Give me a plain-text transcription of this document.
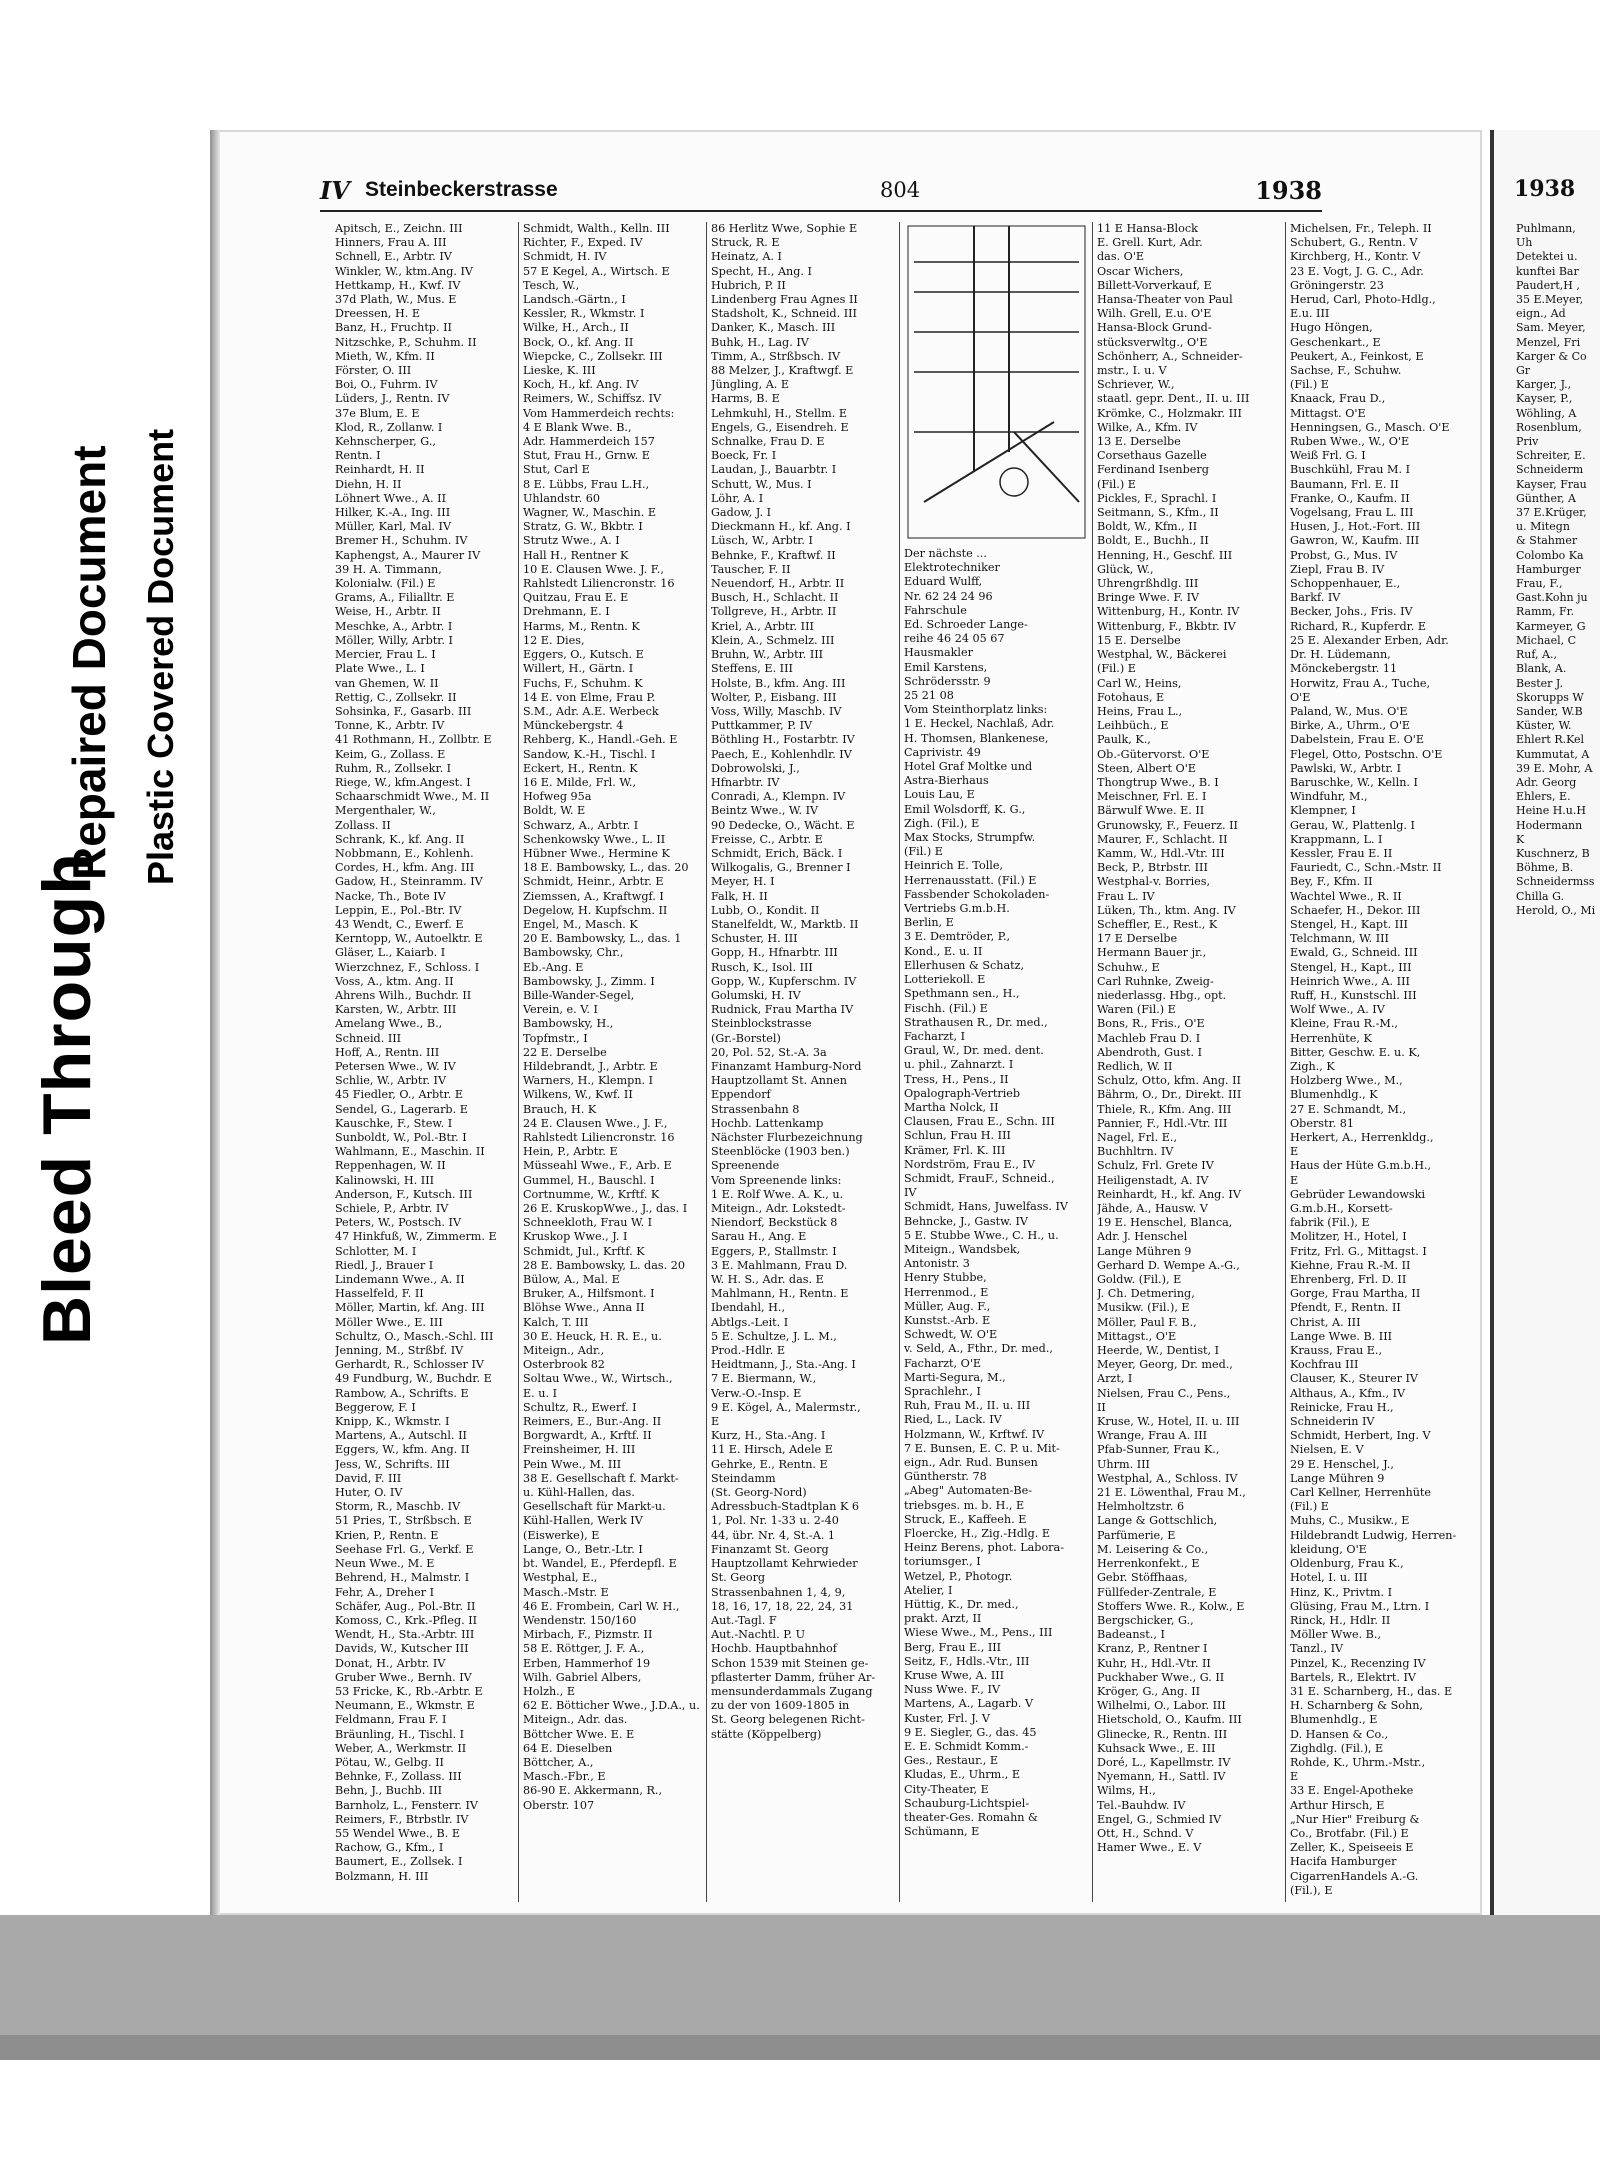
Bleed Through
Repaired Document Plastic Covered Document
IV Steinbeckerstrasse	804	1938
Apitsch, E., Zeichn. III
Hinners, Frau A. III
Schnell, E., Arbtr. IV
Winkler, W., ktm.Ang. IV
Hettkamp, H., Kwf. IV
37d Plath, W., Mus. E
Dreessen, H. E
Banz, H., Fruchtp. II
Nitzschke, P., Schuhm. II
Mieth, W., Kfm. II
Förster, O. III
Boi, O., Fuhrm. IV
Lüders, J., Rentn. IV
37e Blum, E. E
Klod, R., Zollanw. I
Kehnscherper, G.,
Rentn. I
Reinhardt, H. II
Diehn, H. II
Löhnert Wwe., A. II
Hilker, K.-A., Ing. III
Müller, Karl, Mal. IV
Bremer H., Schuhm. IV
Kaphengst, A., Maurer IV
39 H. A. Timmann,
Kolonialw. (Fil.) E
Grams, A., Filialltr. E
Weise, H., Arbtr. II
Meschke, A., Arbtr. I
Möller, Willy, Arbtr. I
Mercier, Frau L. I
Plate Wwe., L. I
van Ghemen, W. II
Rettig, C., Zollsekr. II
Sohsinka, F., Gasarb. III
Tonne, K., Arbtr. IV
41 Rothmann, H., Zollbtr. E
Keim, G., Zollass. E
Ruhm, R., Zollsekr. I
Riege, W., kfm.Angest. I
Schaarschmidt Wwe., M. II
Mergenthaler, W.,
Zollass. II
Schrank, K., kf. Ang. II
Nobbmann, E., Kohlenh.
Cordes, H., kfm. Ang. III
Gadow, H., Steinramm. IV
Nacke, Th., Bote IV
Leppin, E., Pol.-Btr. IV
43 Wendt, C., Ewerf. E
Kerntopp, W., Autoelktr. E
Gläser, L., Kaiarb. I
Wierzchnez, F., Schloss. I
Voss, A., ktm. Ang. II
Ahrens Wilh., Buchdr. II
Karsten, W., Arbtr. III
Amelang Wwe., B.,
Schneid. III
Hoff, A., Rentn. III
Petersen Wwe., W. IV
Schlie, W., Arbtr. IV
45 Fiedler, O., Arbtr. E
Sendel, G., Lagerarb. E
Kauschke, F., Stew. I
Sunboldt, W., Pol.-Btr. I
Wahlmann, E., Maschin. II
Reppenhagen, W. II
Kalinowski, H. III
Anderson, F., Kutsch. III
Schiele, P., Arbtr. IV
Peters, W., Postsch. IV
47 Hinkfuß, W., Zimmerm. E
Schlotter, M. I
Riedl, J., Brauer I
Lindemann Wwe., A. II
Hasselfeld, F. II
Möller, Martin, kf. Ang. III
Möller Wwe., E. III
Schultz, O., Masch.-Schl. III
Jenning, M., Strßbf. IV
Gerhardt, R., Schlosser IV
49 Fundburg, W., Buchdr. E
Rambow, A., Schrifts. E
Beggerow, F. I
Knipp, K., Wkmstr. I
Martens, A., Autschl. II
Eggers, W., kfm. Ang. II
Jess, W., Schrifts. III
David, F. III
Huter, O. IV
Storm, R., Maschb. IV
51 Pries, T., Strßbsch. E
Krien, P., Rentn. E
Seehase Frl. G., Verkf. E
Neun Wwe., M. E
Behrend, H., Malmstr. I
Fehr, A., Dreher I
Schäfer, Aug., Pol.-Btr. II
Komoss, C., Krk.-Pfleg. II
Wendt, H., Sta.-Arbtr. III
Davids, W., Kutscher III
Donat, H., Arbtr. IV
Gruber Wwe., Bernh. IV
53 Fricke, K., Rb.-Arbtr. E
Neumann, E., Wkmstr. E
Feldmann, Frau F. I
Bräunling, H., Tischl. I
Weber, A., Werkmstr. II
Pötau, W., Gelbg. II
Behnke, F., Zollass. III
Behn, J., Buchb. III
Barnholz, L., Fensterr. IV
Reimers, F., Btrbstlr. IV
55 Wendel Wwe., B. E
Rachow, G., Kfm., I
Baumert, E., Zollsek. I
Bolzmann, H. III
Schmidt, Walth., Kelln. III
Richter, F., Exped. IV
Schmidt, H. IV
57 E Kegel, A., Wirtsch. E
Tesch, W.,
Landsch.-Gärtn., I
Kessler, R., Wkmstr. I
Wilke, H., Arch., II
Bock, O., kf. Ang. II
Wiepcke, C., Zollsekr. III
Lieske, K. III
Koch, H., kf. Ang. IV
Reimers, W., Schiffsz. IV
Vom Hammerdeich rechts:
4 E Blank Wwe. B.,
Adr. Hammerdeich 157
Stut, Frau H., Grnw. E
Stut, Carl E
8 E. Lübbs, Frau L.H.,
Uhlandstr. 60
Wagner, W., Maschin. E
Stratz, G. W., Bkbtr. I
Strutz Wwe., A. I
Hall H., Rentner K
10 E. Clausen Wwe. J. F.,
Rahlstedt Liliencronstr. 16
Quitzau, Frau E. E
Drehmann, E. I
Harms, M., Rentn. K
12 E. Dies,
Eggers, O., Kutsch. E
Willert, H., Gärtn. I
Fuchs, F., Schuhm. K
14 E. von Elme, Frau P.
S.M., Adr. A.E. Werbeck
Münckebergstr. 4
Rehberg, K., Handl.-Geh. E
Sandow, K.-H., Tischl. I
Eckert, H., Rentn. K
16 E. Milde, Frl. W.,
Hofweg 95a
Boldt, W. E
Schwarz, A., Arbtr. I
Schenkowsky Wwe., L. II
Hübner Wwe., Hermine K
18 E. Bambowsky, L., das. 20
Schmidt, Heinr., Arbtr. E
Ziemssen, A., Kraftwgf. I
Degelow, H. Kupfschm. II
Engel, M., Masch. K
20 E. Bambowsky, L., das. 1
Bambowsky, Chr.,
Eb.-Ang. E
Bambowsky, J., Zimm. I
Bille-Wander-Segel,
Verein, e. V. I
Bambowsky, H.,
Topfmstr., I
22 E. Derselbe
Hildebrandt, J., Arbtr. E
Warners, H., Klempn. I
Wilkens, W., Kwf. II
Brauch, H. K
24 E. Clausen Wwe., J. F.,
Rahlstedt Liliencronstr. 16
Hein, P., Arbtr. E
Müsseahl Wwe., F., Arb. E
Gummel, H., Bauschl. I
Cortnumme, W., Krftf. K
26 E. KruskopWwe., J., das. I
Schneekloth, Frau W. I
Kruskop Wwe., J. I
Schmidt, Jul., Krftf. K
28 E. Bambowsky, L. das. 20
Bülow, A., Mal. E
Bruker, A., Hilfsmont. I
Blöhse Wwe., Anna II
Kalch, T. III
30 E. Heuck, H. R. E., u.
Miteign., Adr.,
Osterbrook 82
Soltau Wwe., W., Wirtsch.,
E. u. I
Schultz, R., Ewerf. I
Reimers, E., Bur.-Ang. II
Borgwardt, A., Krftf. II
Freinsheimer, H. III
Pein Wwe., M. III
38 E. Gesellschaft f. Markt-
u. Kühl-Hallen, das.
Gesellschaft für Markt-u.
Kühl-Hallen, Werk IV
(Eiswerke), E
Lange, O., Betr.-Ltr. I
bt. Wandel, E., Pferdepfl. E
Westphal, E.,
Masch.-Mstr. E
46 E. Frombein, Carl W. H.,
Wendenstr. 150/160
Mirbach, F., Pizmstr. II
58 E. Röttger, J. F. A.,
Erben, Hammerhof 19
Wilh. Gabriel Albers,
Holzh., E
62 E. Bötticher Wwe., J.D.A., u.
Miteign., Adr. das.
Böttcher Wwe. E. E
64 E. Dieselben
Böttcher, A.,
Masch.-Fbr., E
86-90 E. Akkermann, R.,
Oberstr. 107
86 Herlitz Wwe, Sophie E
Struck, R. E
Heinatz, A. I
Specht, H., Ang. I
Hubrich, P. II
Lindenberg Frau Agnes II
Stadsholt, K., Schneid. III
Danker, K., Masch. III
Buhk, H., Lag. IV
Timm, A., Strßbsch. IV
88 Melzer, J., Kraftwgf. E
Jüngling, A. E
Harms, B. E
Lehmkuhl, H., Stellm. E
Engels, G., Eisendreh. E
Schnalke, Frau D. E
Boeck, Fr. I
Laudan, J., Bauarbtr. I
Schutt, W., Mus. I
Löhr, A. I
Gadow, J. I
Dieckmann H., kf. Ang. I
Lüsch, W., Arbtr. I
Behnke, F., Kraftwf. II
Tauscher, F. II
Neuendorf, H., Arbtr. II
Busch, H., Schlacht. II
Tollgreve, H., Arbtr. II
Kriel, A., Arbtr. III
Klein, A., Schmelz. III
Bruhn, W., Arbtr. III
Steffens, E. III
Holste, B., kfm. Ang. III
Wolter, P., Eisbang. III
Voss, Willy, Maschb. IV
Puttkammer, P. IV
Böthling H., Fostarbtr. IV
Paech, E., Kohlenhdlr. IV
Dobrowolski, J.,
Hfnarbtr. IV
Conradi, A., Klempn. IV
Beintz Wwe., W. IV
90 Dedecke, O., Wächt. E
Freisse, C., Arbtr. E
Schmidt, Erich, Bäck. I
Wilkogalis, G., Brenner I
Meyer, H. I
Falk, H. II
Lubb, O., Kondit. II
Stanelfeldt, W., Marktb. II
Schuster, H. III
Gopp, H., Hfnarbtr. III
Rusch, K., Isol. III
Gopp, W., Kupferschm. IV
Golumski, H. IV
Rudnick, Frau Martha IV
Steinblockstrasse
(Gr.-Borstel)
20, Pol. 52, St.-A. 3a
Finanzamt Hamburg-Nord
Hauptzollamt St. Annen
Eppendorf
Strassenbahn 8
Hochb. Lattenkamp
Nächster Flurbezeichnung
Steenblöcke (1903 ben.)
Spreenende
Vom Spreenende links:
1 E. Rolf Wwe. A. K., u.
Miteign., Adr. Lokstedt-
Niendorf, Beckstück 8
Sarau H., Ang. E
Eggers, P., Stallmstr. I
3 E. Mahlmann, Frau D.
W. H. S., Adr. das. E
Mahlmann, H., Rentn. E
Ibendahl, H.,
Abtlgs.-Leit. I
5 E. Schultze, J. L. M.,
Prod.-Hdlr. E
Heidtmann, J., Sta.-Ang. I
7 E. Biermann, W.,
Verw.-O.-Insp. E
9 E. Kögel, A., Malermstr.,
E
Kurz, H., Sta.-Ang. I
11 E. Hirsch, Adele E
Gehrke, E., Rentn. E
Steindamm
(St. Georg-Nord)
Adressbuch-Stadtplan K 6
1, Pol. Nr. 1-33 u. 2-40
44, übr. Nr. 4, St.-A. 1
Finanzamt St. Georg
Hauptzollamt Kehrwieder
St. Georg
Strassenbahnen 1, 4, 9,
18, 16, 17, 18, 22, 24, 31
Aut.-Tagl. F
Aut.-Nachtl. P. U
Hochb. Hauptbahnhof
Schon 1539 mit Steinen ge-
pflasterter Damm, früher Ar-
mensunderdammals Zugang
zu der von 1609-1805 in
St. Georg belegenen Richt-
stätte (Köppelberg)
Der nächste ...
Elektrotechniker
Eduard Wulff,
Nr. 62 24 24 96
Fahrschule
Ed. Schroeder Lange-
reihe 46 24 05 67
Hausmakler
Emil Karstens,
Schrödersstr. 9
25 21 08
Vom Steinthorplatz links:
1 E. Heckel, Nachlaß, Adr.
H. Thomsen, Blankenese,
Caprivistr. 49
Hotel Graf Moltke und
Astra-Bierhaus
Louis Lau, E
Emil Wolsdorff, K. G.,
Zigh. (Fil.), E
Max Stocks, Strumpfw.
(Fil.) E
Heinrich E. Tolle,
Herrenausstatt. (Fil.) E
Fassbender Schokoladen-
Vertriebs G.m.b.H.
Berlin, E
3 E. Demtröder, P.,
Kond., E. u. II
Ellerhusen & Schatz,
Lotteriekoll. E
Spethmann sen., H.,
Fischh. (Fil.) E
Strathausen R., Dr. med.,
Facharzt, I
Graul, W., Dr. med. dent.
u. phil., Zahnarzt. I
Tress, H., Pens., II
Opalograph-Vertrieb
Martha Nolck, II
Clausen, Frau E., Schn. III
Schlun, Frau H. III
Krämer, Frl. K. III
Nordström, Frau E., IV
Schmidt, FrauF., Schneid.,
IV
Schmidt, Hans, Juwelfass. IV
Behncke, J., Gastw. IV
5 E. Stubbe Wwe., C. H., u.
Miteign., Wandsbek,
Antonistr. 3
Henry Stubbe,
Herrenmod., E
Müller, Aug. F.,
Kunstst.-Arb. E
Schwedt, W. O'E
v. Seld, A., Fthr., Dr. med.,
Facharzt, O'E
Marti-Segura, M.,
Sprachlehr., I
Ruh, Frau M., II. u. III
Ried, L., Lack. IV
Holzmann, W., Krftwf. IV
7 E. Bunsen, E. C. P. u. Mit-
eign., Adr. Rud. Bunsen
Güntherstr. 78
„Abeg" Automaten-Be-
triebsges. m. b. H., E
Struck, E., Kaffeeh. E
Floercke, H., Zig.-Hdlg. E
Heinz Berens, phot. Labora-
toriumsger., I
Wetzel, P., Photogr.
Atelier, I
Hüttig, K., Dr. med.,
prakt. Arzt, II
Wiese Wwe., M., Pens., III
Berg, Frau E., III
Seitz, F., Hdls.-Vtr., III
Kruse Wwe, A. III
Nuss Wwe. F., IV
Martens, A., Lagarb. V
Kuster, Frl. J. V
9 E. Siegler, G., das. 45
E. E. Schmidt Komm.-
Ges., Restaur., E
Kludas, E., Uhrm., E
City-Theater, E
Schauburg-Lichtspiel-
theater-Ges. Romahn &
Schümann, E
11 E Hansa-Block
E. Grell. Kurt, Adr.
das. O'E
Oscar Wichers,
Billett-Vorverkauf, E
Hansa-Theater von Paul
Wilh. Grell, E.u. O'E
Hansa-Block Grund-
stücksverwltg., O'E
Schönherr, A., Schneider-
mstr., I. u. V
Schriever, W.,
staatl. gepr. Dent., II. u. III
Krömke, C., Holzmakr. III
Wilke, A., Kfm. IV
13 E. Derselbe
Corsethaus Gazelle
Ferdinand Isenberg
(Fil.) E
Pickles, F., Sprachl. I
Seitmann, S., Kfm., II
Boldt, W., Kfm., II
Boldt, E., Buchh., II
Henning, H., Geschf. III
Glück, W.,
Uhrengrßhdlg. III
Bringe Wwe. F. IV
Wittenburg, H., Kontr. IV
Wittenburg, F., Bkbtr. IV
15 E. Derselbe
Westphal, W., Bäckerei
(Fil.) E
Carl W., Heins,
Fotohaus, E
Heins, Frau L.,
Leihbüch., E
Paulk, K.,
Ob.-Gütervorst. O'E
Steen, Albert O'E
Thongtrup Wwe., B. I
Meischner, Frl. E. I
Bärwulf Wwe. E. II
Grunowsky, F., Feuerz. II
Maurer, F., Schlacht. II
Kamm, W., Hdl.-Vtr. III
Beck, P., Btrbstr. III
Westphal-v. Borries,
Frau L. IV
Lüken, Th., ktm. Ang. IV
Scheffler, E., Rest., K
17 E Derselbe
Hermann Bauer jr.,
Schuhw., E
Carl Ruhnke, Zweig-
niederlassg. Hbg., opt.
Waren (Fil.) E
Bons, R., Fris., O'E
Machleb Frau D. I
Abendroth, Gust. I
Redlich, W. II
Schulz, Otto, kfm. Ang. II
Bährm, O., Dr., Direkt. III
Thiele, R., Kfm. Ang. III
Pannier, F., Hdl.-Vtr. III
Nagel, Frl. E.,
Buchhltrn. IV
Schulz, Frl. Grete IV
Heiligenstadt, A. IV
Reinhardt, H., kf. Ang. IV
Jähde, A., Hausw. V
19 E. Henschel, Blanca,
Adr. J. Henschel
Lange Mühren 9
Gerhard D. Wempe A.-G.,
Goldw. (Fil.), E
J. Ch. Detmering,
Musikw. (Fil.), E
Möller, Paul F. B.,
Mittagst., O'E
Heerde, W., Dentist, I
Meyer, Georg, Dr. med.,
Arzt, I
Nielsen, Frau C., Pens.,
II
Kruse, W., Hotel, II. u. III
Wrange, Frau A. III
Pfab-Sunner, Frau K.,
Uhrm. III
Westphal, A., Schloss. IV
21 E. Löwenthal, Frau M.,
Helmholtzstr. 6
Lange & Gottschlich,
Parfümerie, E
M. Leisering & Co.,
Herrenkonfekt., E
Gebr. Stöffhaas,
Füllfeder-Zentrale, E
Stoffers Wwe. R., Kolw., E
Bergschicker, G.,
Badeanst., I
Kranz, P., Rentner I
Kuhr, H., Hdl.-Vtr. II
Puckhaber Wwe., G. II
Kröger, G., Ang. II
Wilhelmi, O., Labor. III
Hietschold, O., Kaufm. III
Glinecke, R., Rentn. III
Kuhsack Wwe., E. III
Doré, L., Kapellmstr. IV
Nyemann, H., Sattl. IV
Wilms, H.,
Tel.-Bauhdw. IV
Engel, G., Schmied IV
Ott, H., Schnd. V
Hamer Wwe., E. V
Michelsen, Fr., Teleph. II
Schubert, G., Rentn. V
Kirchberg, H., Kontr. V
23 E. Vogt, J. G. C., Adr.
Gröningerstr. 23
Herud, Carl, Photo-Hdlg.,
E.u. III
Hugo Höngen,
Geschenkart., E
Peukert, A., Feinkost, E
Sachse, F., Schuhw.
(Fil.) E
Knaack, Frau D.,
Mittagst. O'E
Henningsen, G., Masch. O'E
Ruben Wwe., W., O'E
Weiß Frl. G. I
Buschkühl, Frau M. I
Baumann, Frl. E. II
Franke, O., Kaufm. II
Vogelsang, Frau L. III
Husen, J., Hot.-Fort. III
Gawron, W., Kaufm. III
Probst, G., Mus. IV
Ziepl, Frau B. IV
Schoppenhauer, E.,
Barkf. IV
Becker, Johs., Fris. IV
Richard, R., Kupferdr. E
25 E. Alexander Erben, Adr.
Dr. H. Lüdemann,
Mönckebergstr. 11
Horwitz, Frau A., Tuche,
O'E
Paland, W., Mus. O'E
Birke, A., Uhrm., O'E
Dabelstein, Frau E. O'E
Flegel, Otto, Postschn. O'E
Pawlski, W., Arbtr. I
Baruschke, W., Kelln. I
Windfuhr, M.,
Klempner, I
Gerau, W., Plattenlg. I
Krappmann, L. I
Kessler, Frau E. II
Fauriedt, C., Schn.-Mstr. II
Bey, F., Kfm. II
Wachtel Wwe., R. II
Schaefer, H., Dekor. III
Stengel, H., Kapt. III
Telchmann, W. III
Ewald, G., Schneid. III
Stengel, H., Kapt., III
Heinrich Wwe., A. III
Ruff, H., Kunstschl. III
Wolf Wwe., A. IV
Kleine, Frau R.-M.,
Herrenhüte, K
Bitter, Geschw. E. u. K,
Zigh., K
Holzberg Wwe., M.,
Blumenhdlg., K
27 E. Schmandt, M.,
Oberstr. 81
Herkert, A., Herrenkldg.,
E
Haus der Hüte G.m.b.H.,
E
Gebrüder Lewandowski
G.m.b.H., Korsett-
fabrik (Fil.), E
Molitzer, H., Hotel, I
Fritz, Frl. G., Mittagst. I
Kiehne, Frau R.-M. II
Ehrenberg, Frl. D. II
Gorge, Frau Martha, II
Pfendt, F., Rentn. II
Christ, A. III
Lange Wwe. B. III
Krauss, Frau E.,
Kochfrau III
Clauser, K., Steurer IV
Althaus, A., Kfm., IV
Reinicke, Frau H.,
Schneiderin IV
Schmidt, Herbert, Ing. V
Nielsen, E. V
29 E. Henschel, J.,
Lange Mühren 9
Carl Kellner, Herrenhüte
(Fil.) E
Muhs, C., Musikw., E
Hildebrandt Ludwig, Herren-
kleidung, O'E
Oldenburg, Frau K.,
Hotel, I. u. III
Hinz, K., Privtm. I
Glüsing, Frau M., Ltrn. I
Rinck, H., Hdlr. II
Möller Wwe. B.,
Tanzl., IV
Pinzel, K., Recenzing IV
Bartels, R., Elektrt. IV
31 E. Scharnberg, H., das. E
H. Scharnberg & Sohn,
Blumenhdlg., E
D. Hansen & Co.,
Zighdlg. (Fil.), E
Rohde, K., Uhrm.-Mstr.,
E
33 E. Engel-Apotheke
Arthur Hirsch, E
„Nur Hier" Freiburg &
Co., Brotfabr. (Fil.) E
Zeller, K., Speiseeis E
Hacifa Hamburger
CigarrenHandels A.-G.
(Fil.), E
1938
Puhlmann,
Uh
Detektei u.
kunftei Bar
Paudert,H ,
35 E.Meyer,
eign., Ad
Sam. Meyer,
Menzel, Fri
Karger & Co
Gr
Karger, J.,
Kayser, P.,
Wöhling, A
Rosenblum,
Priv
Schreiter, E.
Schneiderm
Kayser, Frau
Günther, A
37 E.Krüger,
u. Mitegn
& Stahmer
Colombo Ka
Hamburger
Frau, F.,
Gast.Kohn ju
Ramm, Fr.
Karmeyer, G
Michael, C
Ruf, A.,
Blank, A.
Bester J.
Skorupps W
Sander, W.B
Küster, W.
Ehlert R.Kel
Kummutat, A
39 E. Mohr, A
Adr. Georg
Ehlers, E.
Heine H.u.H
Hodermann
K
Kuschnerz, B
Böhme, B.
Schneidermss
Chilla G.
Herold, O., Mi
